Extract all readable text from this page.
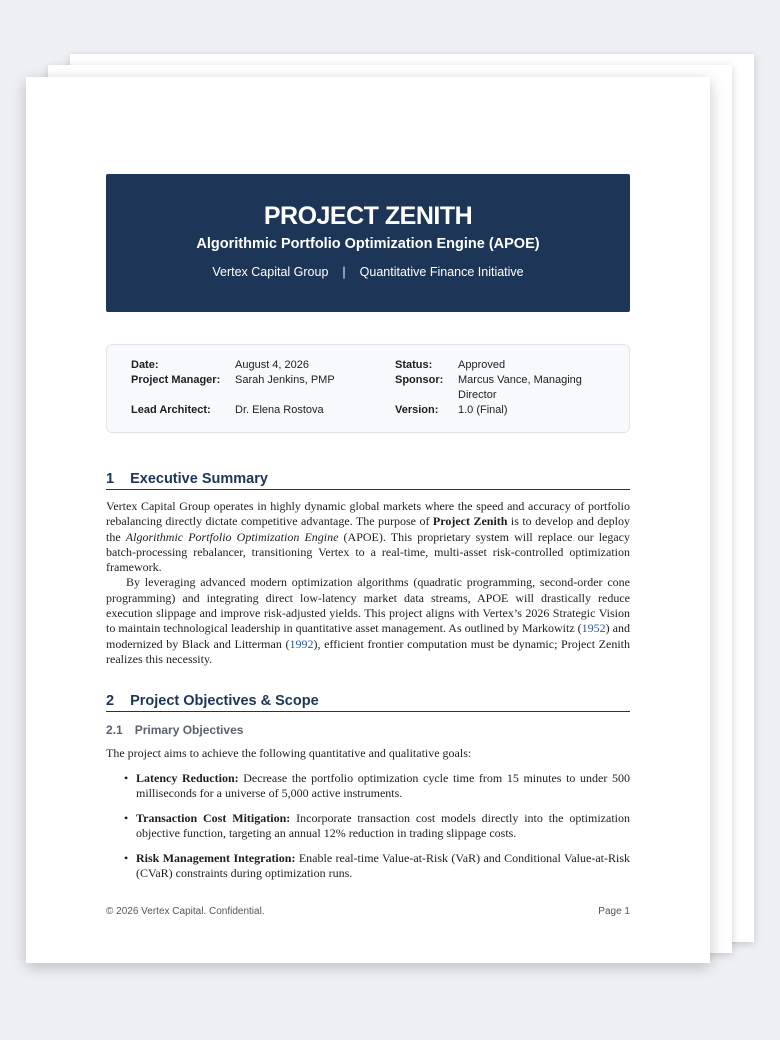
PROJECT ZENITH
Algorithmic Portfolio Optimization Engine (APOE)
Vertex Capital Group | Quantitative Finance Initiative
Date:	August 4, 2026	Status:	Approved
Project Manager:	Sarah Jenkins, PMP	Sponsor:	Marcus Vance, Managing Director
Lead Architect:	Dr. Elena Rostova	Version:	1.0 (Final)
1 Executive Summary

Vertex Capital Group operates in highly dynamic global markets where the speed and accuracy of portfolio rebalancing directly dictate competitive advantage. The purpose of Project Zenith is to develop and deploy the Algorithmic Portfolio Optimization Engine (APOE). This proprietary system will replace our legacy batch-processing rebalancer, transitioning Vertex to a real-time, multi-asset risk-controlled optimization framework.

By leveraging advanced modern optimization algorithms (quadratic programming, second-order cone programming) and integrating direct low-latency market data streams, APOE will drastically reduce execution slippage and improve risk-adjusted yields. This project aligns with Vertex’s 2026 Strategic Vision to maintain technological leadership in quantitative asset management. As outlined by Markowitz (1952) and modernized by Black and Litterman (1992), efficient frontier computation must be dynamic; Project Zenith realizes this necessity.

2 Project Objectives & Scope
2.1 Primary Objectives

The project aims to achieve the following quantitative and qualitative goals:

• Latency Reduction: Decrease the portfolio optimization cycle time from 15 minutes to under 500 milliseconds for a universe of 5,000 active instruments.
• Transaction Cost Mitigation: Incorporate transaction cost models directly into the optimization objective function, targeting an annual 12% reduction in trading slippage costs.
• Risk Management Integration: Enable real-time Value-at-Risk (VaR) and Conditional Value-at-Risk (CVaR) constraints during optimization runs.
© 2026 Vertex Capital. Confidential.	Page 1
